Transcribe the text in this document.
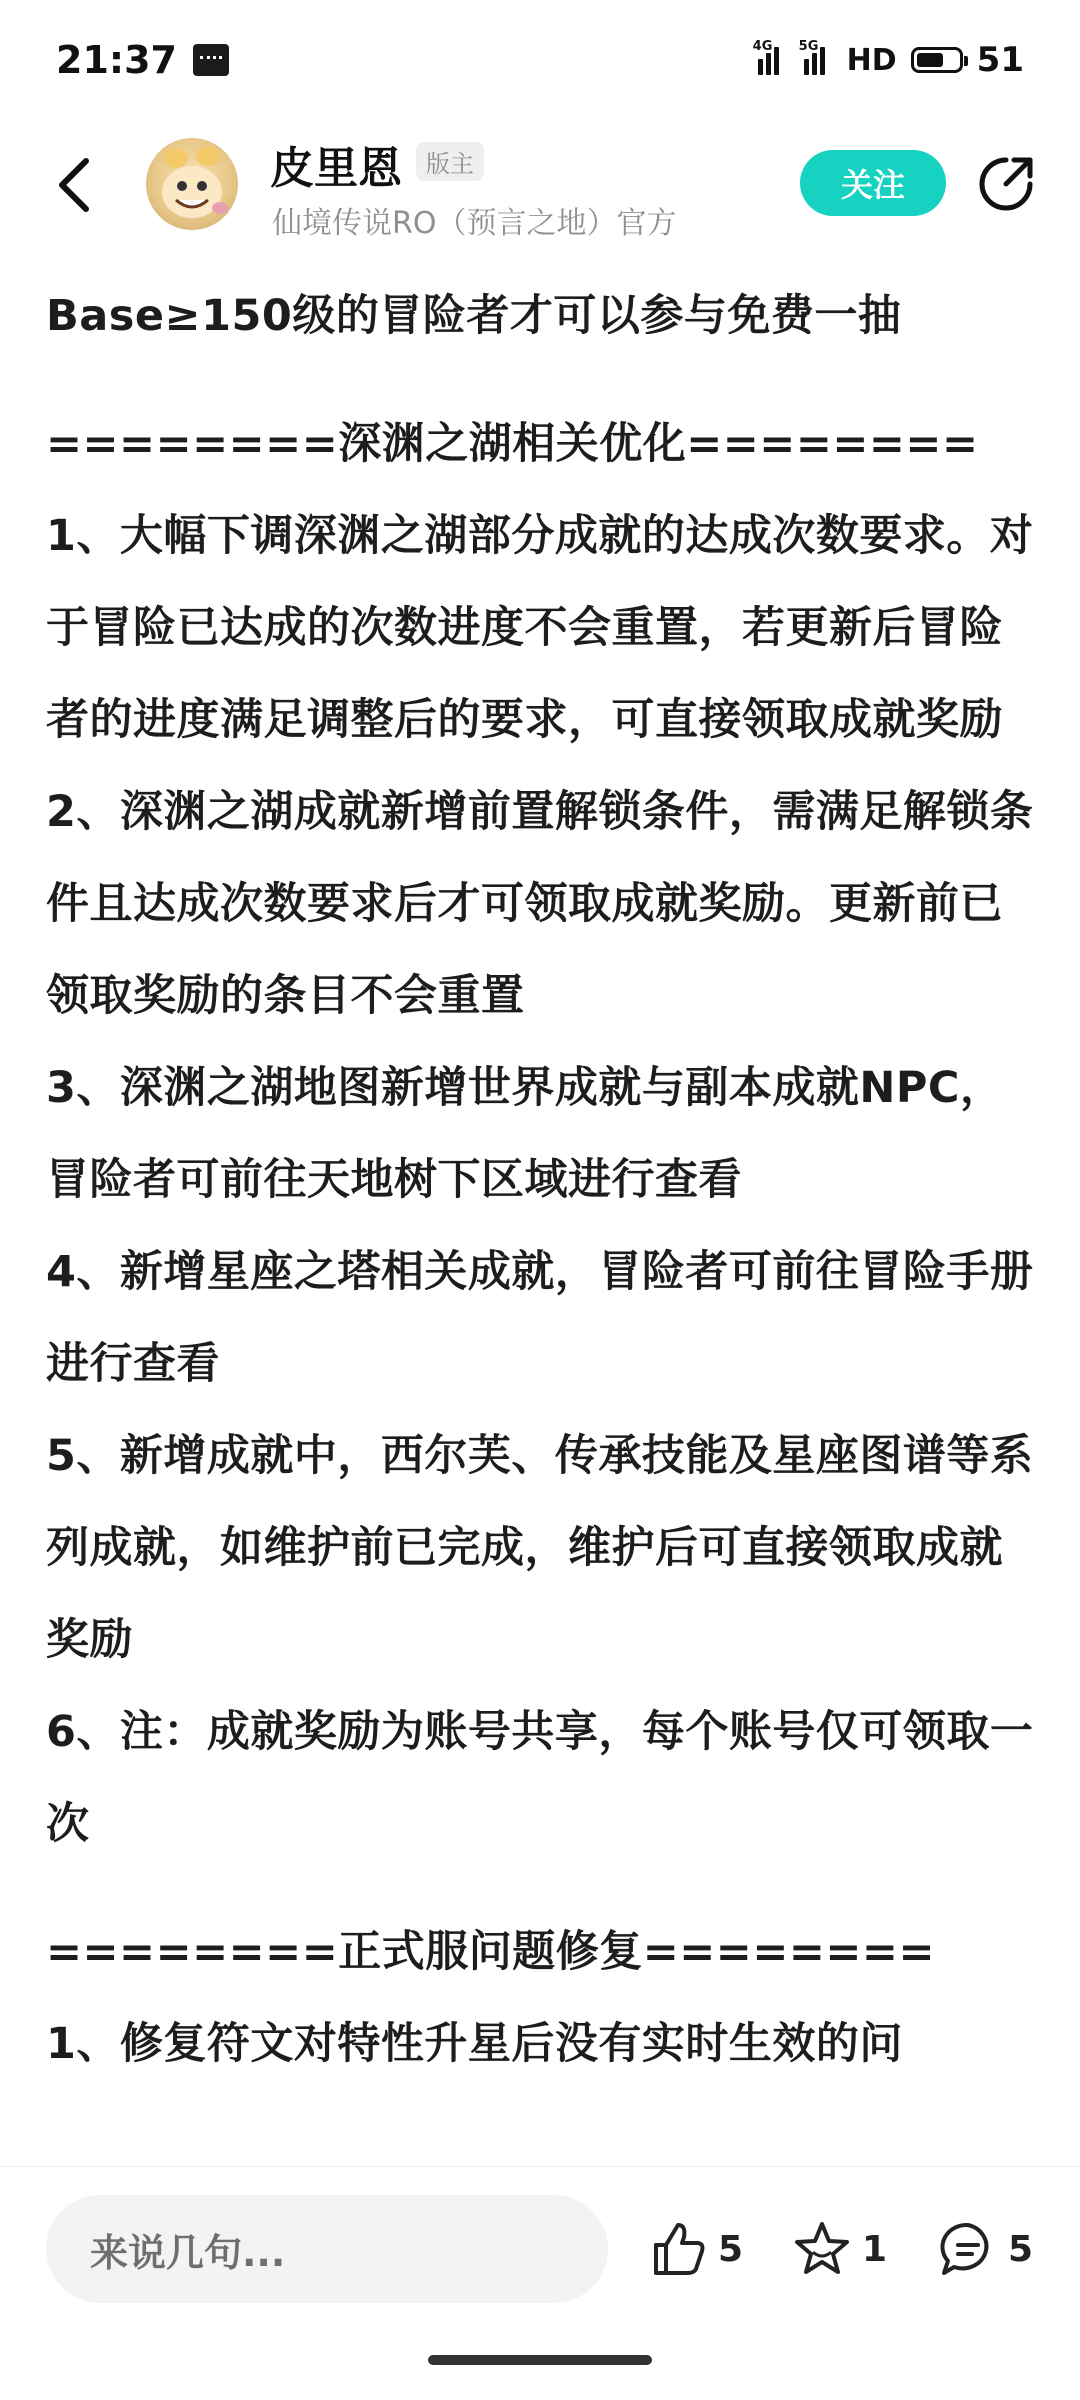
21:37	4G 5G HD 51
皮里恩	版主
仙境传说RO（预言之地）官方
关注

Base≥150级的冒险者才可以参与免费一抽

========深渊之湖相关优化========

1、大幅下调深渊之湖部分成就的达成次数要求。对于冒险已达成的次数进度不会重置，若更新后冒险者的进度满足调整后的要求，可直接领取成就奖励

2、深渊之湖成就新增前置解锁条件，需满足解锁条件且达成次数要求后才可领取成就奖励。更新前已领取奖励的条目不会重置

3、深渊之湖地图新增世界成就与副本成就NPC，冒险者可前往天地树下区域进行查看

4、新增星座之塔相关成就，冒险者可前往冒险手册进行查看

5、新增成就中，西尔芙、传承技能及星座图谱等系列成就，如维护前已完成，维护后可直接领取成就奖励

6、注：成就奖励为账号共享，每个账号仅可领取一次

========正式服问题修复========

1、修复符文对特性升星后没有实时生效的问

来说几句...	5	1	5
